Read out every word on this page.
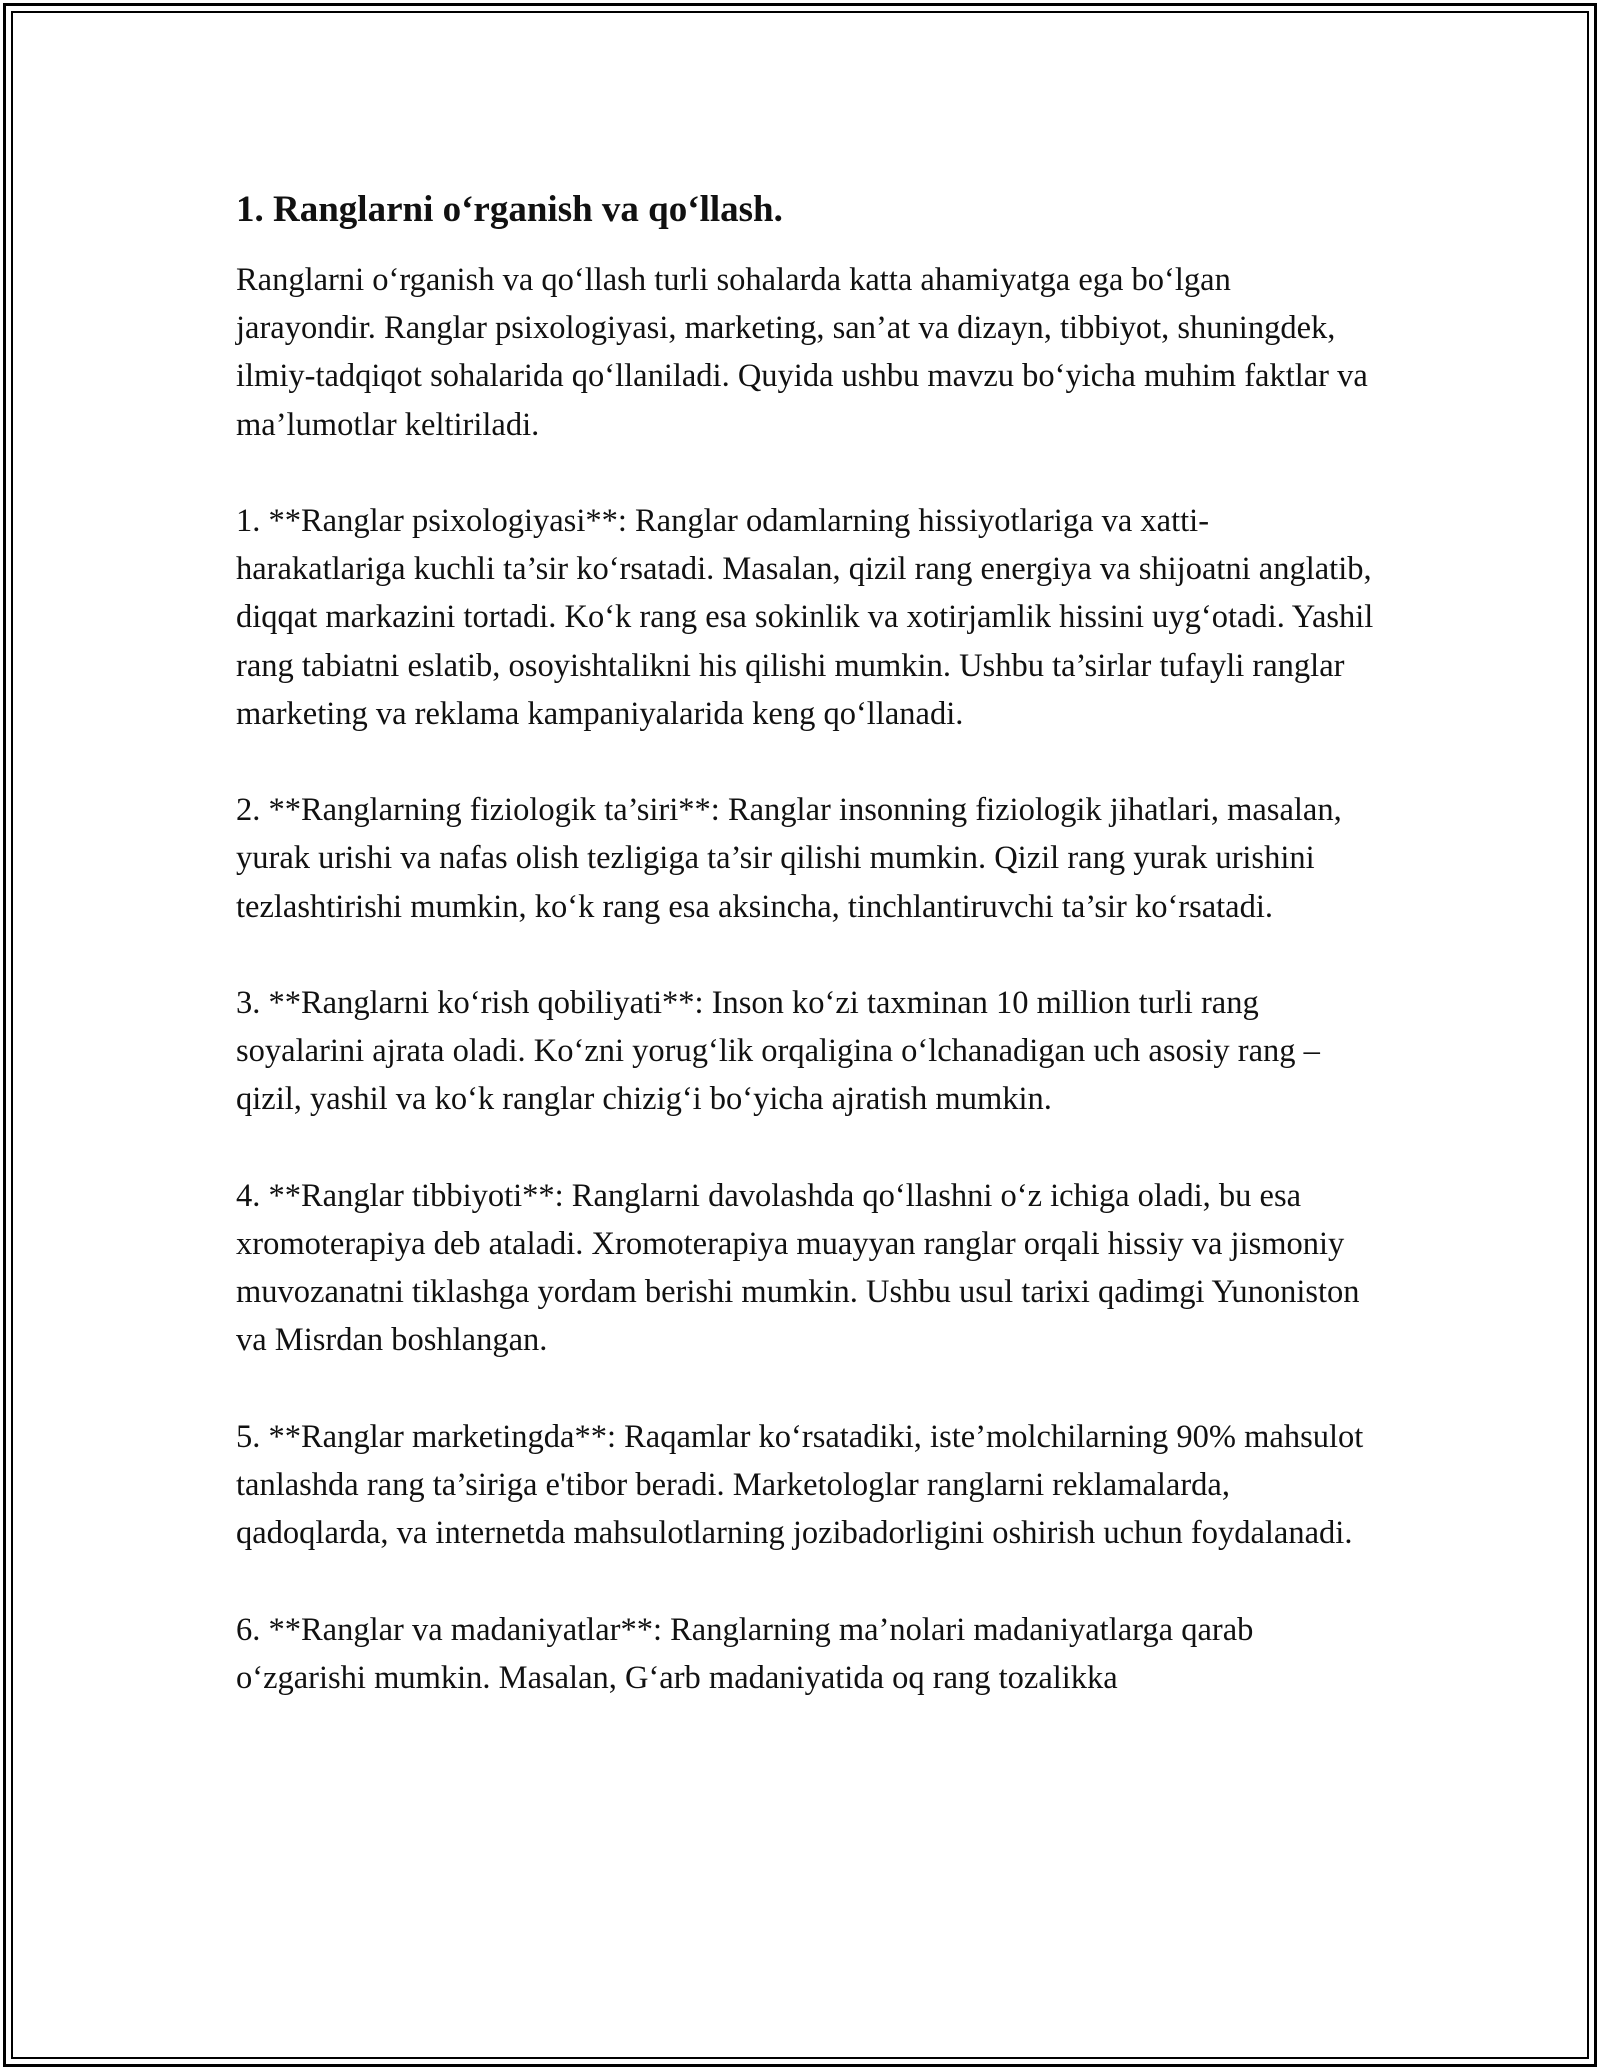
1. Ranglarni o‘rganish va qo‘llash.

Ranglarni o‘rganish va qo‘llash turli sohalarda katta ahamiyatga ega bo‘lgan jarayondir. Ranglar psixologiyasi, marketing, san’at va dizayn, tibbiyot, shuningdek, ilmiy-tadqiqot sohalarida qo‘llaniladi. Quyida ushbu mavzu bo‘yicha muhim faktlar va ma’lumotlar keltiriladi.

1. **Ranglar psixologiyasi**: Ranglar odamlarning hissiyotlariga va xatti-harakatlariga kuchli ta’sir ko‘rsatadi. Masalan, qizil rang energiya va shijoatni anglatib, diqqat markazini tortadi. Ko‘k rang esa sokinlik va xotirjamlik hissini uyg‘otadi. Yashil rang tabiatni eslatib, osoyishtalikni his qilishi mumkin. Ushbu ta’sirlar tufayli ranglar marketing va reklama kampaniyalarida keng qo‘llanadi.

2. **Ranglarning fiziologik ta’siri**: Ranglar insonning fiziologik jihatlari, masalan, yurak urishi va nafas olish tezligiga ta’sir qilishi mumkin. Qizil rang yurak urishini tezlashtirishi mumkin, ko‘k rang esa aksincha, tinchlantiruvchi ta’sir ko‘rsatadi.

3. **Ranglarni ko‘rish qobiliyati**: Inson ko‘zi taxminan 10 million turli rang soyalarini ajrata oladi. Ko‘zni yorug‘lik orqaligina o‘lchanadigan uch asosiy rang – qizil, yashil va ko‘k ranglar chizig‘i bo‘yicha ajratish mumkin.

4. **Ranglar tibbiyoti**: Ranglarni davolashda qo‘llashni o‘z ichiga oladi, bu esa xromoterapiya deb ataladi. Xromoterapiya muayyan ranglar orqali hissiy va jismoniy muvozanatni tiklashga yordam berishi mumkin. Ushbu usul tarixi qadimgi Yunoniston va Misrdan boshlangan.

5. **Ranglar marketingda**: Raqamlar ko‘rsatadiki, iste’molchilarning 90% mahsulot tanlashda rang ta’siriga e'tibor beradi. Marketologlar ranglarni reklamalarda, qadoqlarda, va internetda mahsulotlarning jozibadorligini oshirish uchun foydalanadi.

6. **Ranglar va madaniyatlar**: Ranglarning ma’nolari madaniyatlarga qarab o‘zgarishi mumkin. Masalan, G‘arb madaniyatida oq rang tozalikka
